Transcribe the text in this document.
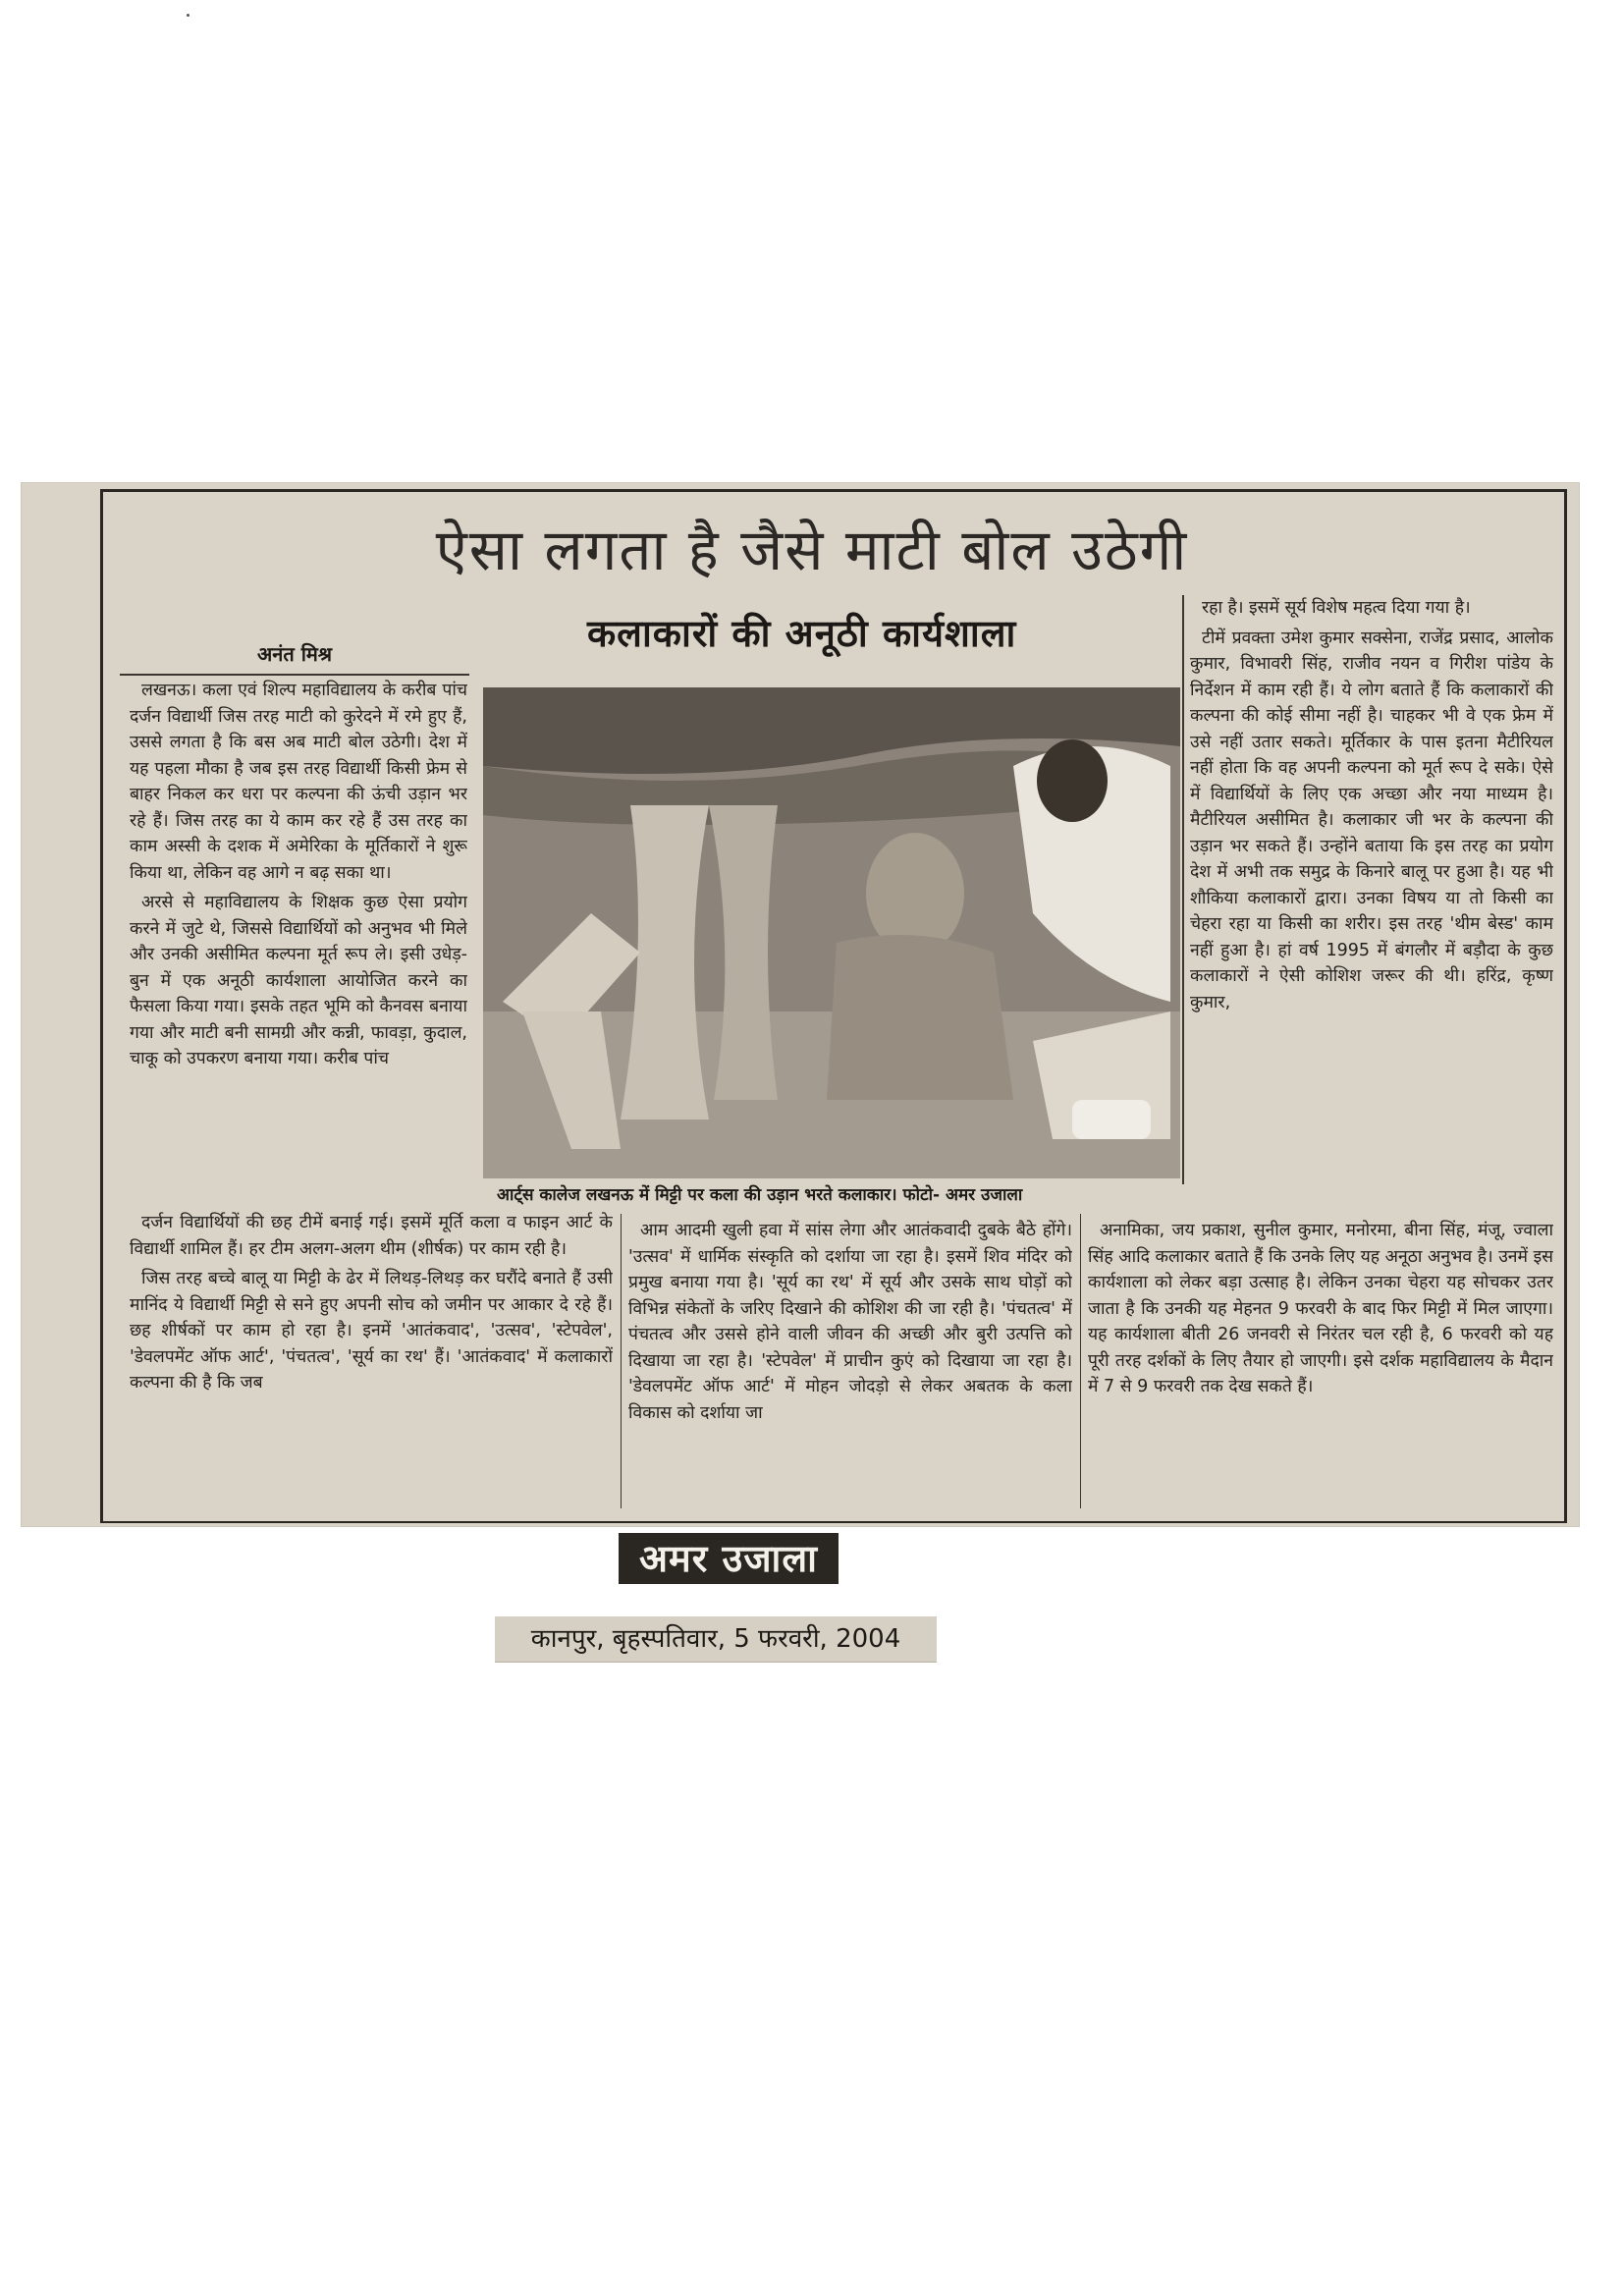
ऐसा लगता है जैसे माटी बोल उठेगी
अनंत मिश्र	कलाकारों की अनूठी कार्यशाला

लखनऊ। कला एवं शिल्प महाविद्यालय के करीब पांच दर्जन विद्यार्थी जिस तरह माटी को कुरेदने में रमे हुए हैं, उससे लगता है कि बस अब माटी बोल उठेगी। देश में यह पहला मौका है जब इस तरह विद्यार्थी किसी फ्रेम से बाहर निकल कर धरा पर कल्पना की ऊंची उड़ान भर रहे हैं। जिस तरह का ये काम कर रहे हैं उस तरह का काम अस्सी के दशक में अमेरिका के मूर्तिकारों ने शुरू किया था, लेकिन वह आगे न बढ़ सका था।

अरसे से महाविद्यालय के शिक्षक कुछ ऐसा प्रयोग करने में जुटे थे, जिससे विद्यार्थियों को अनुभव भी मिले और उनकी असीमित कल्पना मूर्त रूप ले। इसी उधेड़-बुन में एक अनूठी कार्यशाला आयोजित करने का फैसला किया गया। इसके तहत भूमि को कैनवस बनाया गया और माटी बनी सामग्री और कन्नी, फावड़ा, कुदाल, चाकू को उपकरण बनाया गया। करीब पांच

आर्ट्स कालेज लखनऊ में मिट्टी पर कला की उड़ान भरते कलाकार। फोटो- अमर उजाला

दर्जन विद्यार्थियों की छह टीमें बनाई गई। इसमें मूर्ति कला व फाइन आर्ट के विद्यार्थी शामिल हैं। हर टीम अलग-अलग थीम (शीर्षक) पर काम रही है।

जिस तरह बच्चे बालू या मिट्टी के ढेर में लिथड़-लिथड़ कर घरौंदे बनाते हैं उसी मानिंद ये विद्यार्थी मिट्टी से सने हुए अपनी सोच को जमीन पर आकार दे रहे हैं। छह शीर्षकों पर काम हो रहा है। इनमें 'आतंकवाद', 'उत्सव', 'स्टेपवेल', 'डेवलपमेंट ऑफ आर्ट', 'पंचतत्व', 'सूर्य का रथ' हैं। 'आतंकवाद' में कलाकारों कल्पना की है कि जब

आम आदमी खुली हवा में सांस लेगा और आतंकवादी दुबके बैठे होंगे। 'उत्सव' में धार्मिक संस्कृति को दर्शाया जा रहा है। इसमें शिव मंदिर को प्रमुख बनाया गया है। 'सूर्य का रथ' में सूर्य और उसके साथ घोड़ों को विभिन्न संकेतों के जरिए दिखाने की कोशिश की जा रही है। 'पंचतत्व' में पंचतत्व और उससे होने वाली जीवन की अच्छी और बुरी उत्पत्ति को दिखाया जा रहा है। 'स्टेपवेल' में प्राचीन कुएं को दिखाया जा रहा है। 'डेवलपमेंट ऑफ आर्ट' में मोहन जोदड़ो से लेकर अबतक के कला विकास को दर्शाया जा

अनामिका, जय प्रकाश, सुनील कुमार, मनोरमा, बीना सिंह, मंजू, ज्वाला सिंह आदि कलाकार बताते हैं कि उनके लिए यह अनूठा अनुभव है। उनमें इस कार्यशाला को लेकर बड़ा उत्साह है। लेकिन उनका चेहरा यह सोचकर उतर जाता है कि उनकी यह मेहनत 9 फरवरी के बाद फिर मिट्टी में मिल जाएगा। यह कार्यशाला बीती 26 जनवरी से निरंतर चल रही है, 6 फरवरी को यह पूरी तरह दर्शकों के लिए तैयार हो जाएगी। इसे दर्शक महाविद्यालय के मैदान में 7 से 9 फरवरी तक देख सकते हैं।

रहा है। इसमें सूर्य विशेष महत्व दिया गया है।

टीमें प्रवक्ता उमेश कुमार सक्सेना, राजेंद्र प्रसाद, आलोक कुमार, विभावरी सिंह, राजीव नयन व गिरीश पांडेय के निर्देशन में काम रही हैं। ये लोग बताते हैं कि कलाकारों की कल्पना की कोई सीमा नहीं है। चाहकर भी वे एक फ्रेम में उसे नहीं उतार सकते। मूर्तिकार के पास इतना मैटीरियल नहीं होता कि वह अपनी कल्पना को मूर्त रूप दे सके। ऐसे में विद्यार्थियों के लिए एक अच्छा और नया माध्यम है। मैटीरियल असीमित है। कलाकार जी भर के कल्पना की उड़ान भर सकते हैं। उन्होंने बताया कि इस तरह का प्रयोग देश में अभी तक समुद्र के किनारे बालू पर हुआ है। यह भी शौकिया कलाकारों द्वारा। उनका विषय या तो किसी का चेहरा रहा या किसी का शरीर। इस तरह 'थीम बेस्ड' काम नहीं हुआ है। हां वर्ष 1995 में बंगलौर में बड़ौदा के कुछ कलाकारों ने ऐसी कोशिश जरूर की थी। हरिंद्र, कृष्ण कुमार,

अमर उजाला
कानपुर, बृहस्पतिवार, 5 फरवरी, 2004
